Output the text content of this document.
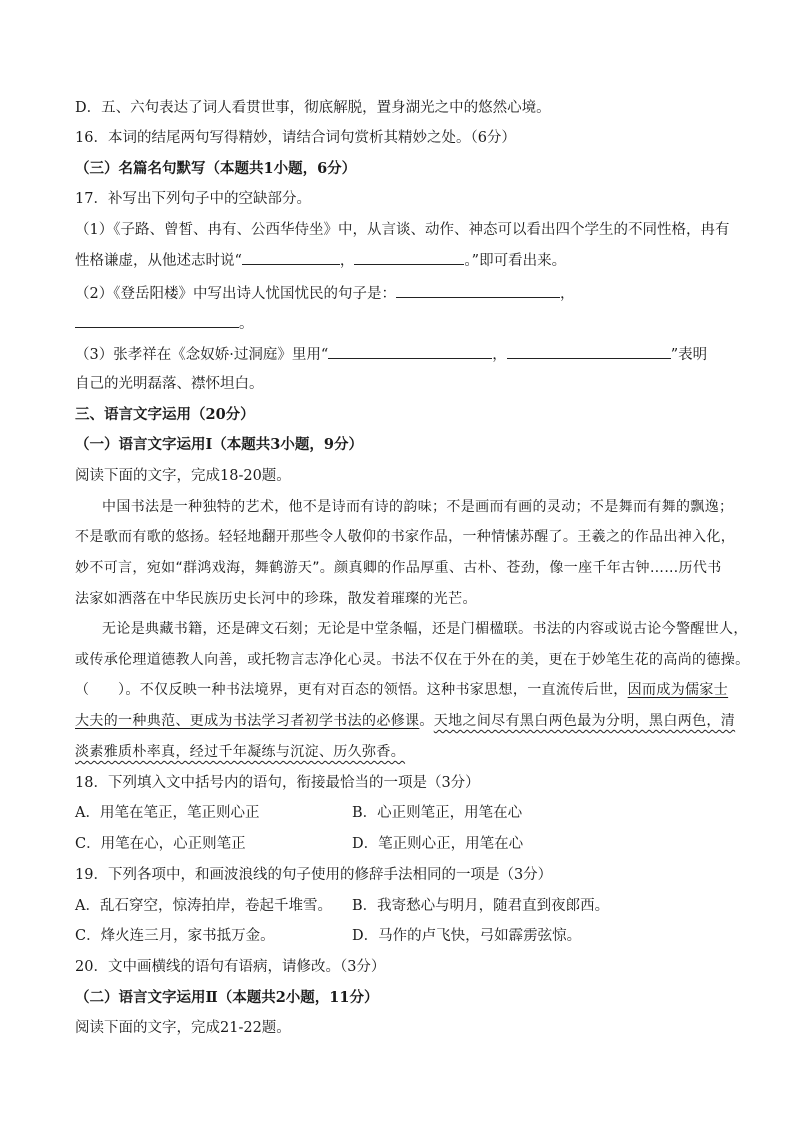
D．五、六句表达了词人看贯世事，彻底解脱，置身湖光之中的悠然心境。
16．本词的结尾两句写得精妙，请结合词句赏析其精妙之处。（6分）
（三）名篇名句默写（本题共1小题，6分）
17．补写出下列句子中的空缺部分。
（1）《子路、曾皙、冉有、公西华侍坐》中，从言谈、动作、神态可以看出四个学生的不同性格，冉有
性格谦虚，从他述志时说“	，	。”即可看出来。
（2）《登岳阳楼》中写出诗人忧国忧民的句子是：	，
。
（3）张孝祥在《念奴娇·过洞庭》里用“	，	”表明
自己的光明磊落、襟怀坦白。
三、语言文字运用（20分）
（一）语言文字运用Ⅰ（本题共3小题，9分）
阅读下面的文字，完成18-20题。
中国书法是一种独特的艺术，他不是诗而有诗的韵味；不是画而有画的灵动；不是舞而有舞的飘逸；
不是歌而有歌的悠扬。轻轻地翻开那些令人敬仰的书家作品，一种情愫苏醒了。王羲之的作品出神入化，
妙不可言，宛如“群鸿戏海，舞鹤游天”。颜真卿的作品厚重、古朴、苍劲，像一座千年古钟……历代书
法家如洒落在中华民族历史长河中的珍珠，散发着璀璨的光芒。
无论是典藏书籍，还是碑文石刻；无论是中堂条幅，还是门楣楹联。书法的内容或说古论今警醒世人，
或传承伦理道德教人向善，或托物言志净化心灵。书法不仅在于外在的美，更在于妙笔生花的高尚的德操。
（　　）。不仅反映一种书法境界，更有对百态的领悟。这种书家思想，一直流传后世，因而成为儒家士
大夫的一种典范、更成为书法学习者初学书法的必修课。天地之间尽有黑白两色最为分明，黑白两色，清
淡素雅质朴率真，经过千年凝练与沉淀、历久弥香。
18．下列填入文中括号内的语句，衔接最恰当的一项是（3分）
A．用笔在笔正，笔正则心正	B．心正则笔正，用笔在心
C．用笔在心，心正则笔正	D．笔正则心正，用笔在心
19．下列各项中，和画波浪线的句子使用的修辞手法相同的一项是（3分）
A．乱石穿空，惊涛拍岸，卷起千堆雪。 B．我寄愁心与明月，随君直到夜郎西。
C．烽火连三月，家书抵万金。	D．马作的卢飞快，弓如霹雳弦惊。
20．文中画横线的语句有语病，请修改。（3分）
（二）语言文字运用Ⅱ（本题共2小题，11分）
阅读下面的文字，完成21-22题。
